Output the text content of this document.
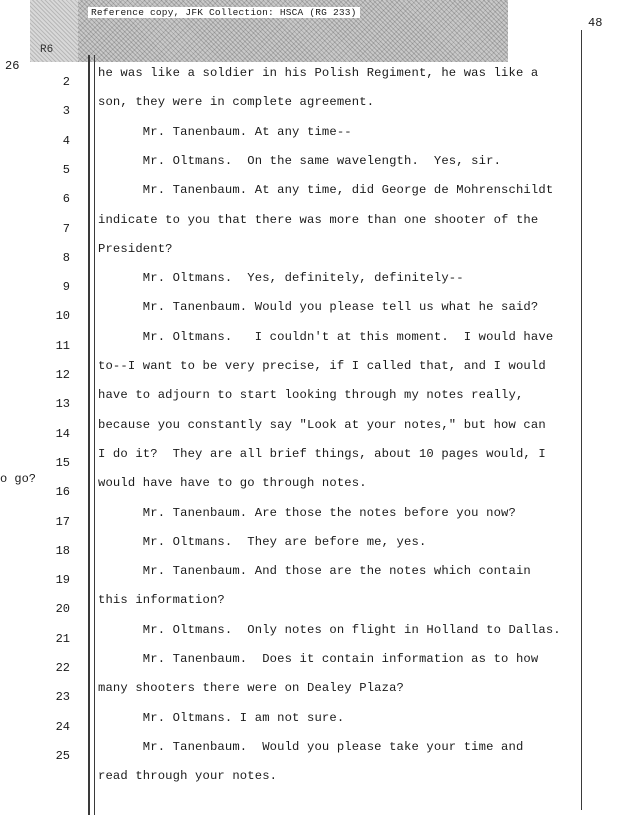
Reference copy, JFK Collection: HSCA (RG 233)
R6
48
26
o go?
2
3
4
5
6
7
8
9
10
11
12
13
14
15
16
17
18
19
20
21
22
23
24
25
he was like a soldier in his Polish Regiment, he was like a
son, they were in complete agreement.
Mr. Tanenbaum. At any time--
Mr. Oltmans.  On the same wavelength.  Yes, sir.
Mr. Tanenbaum. At any time, did George de Mohrenschildt
indicate to you that there was more than one shooter of the
President?
Mr. Oltmans.  Yes, definitely, definitely--
Mr. Tanenbaum. Would you please tell us what he said?
Mr. Oltmans.   I couldn't at this moment.  I would have
to--I want to be very precise, if I called that, and I would
have to adjourn to start looking through my notes really,
because you constantly say "Look at your notes," but how can
I do it?  They are all brief things, about 10 pages would, I
would have have to go through notes.
Mr. Tanenbaum. Are those the notes before you now?
Mr. Oltmans.  They are before me, yes.
Mr. Tanenbaum. And those are the notes which contain
this information?
Mr. Oltmans.  Only notes on flight in Holland to Dallas.
Mr. Tanenbaum.  Does it contain information as to how
many shooters there were on Dealey Plaza?
Mr. Oltmans. I am not sure.
Mr. Tanenbaum.  Would you please take your time and
read through your notes.
